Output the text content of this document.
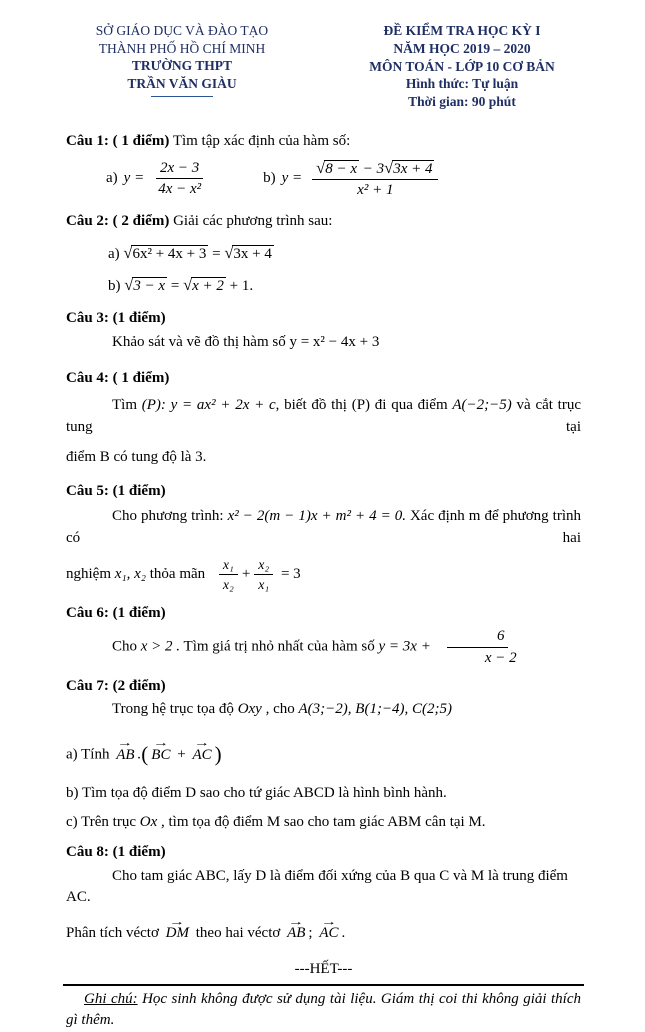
SỞ GIÁO DỤC VÀ ĐÀO TẠO
THÀNH PHỐ HỒ CHÍ MINH
TRƯỜNG THPT
TRẦN VĂN GIÀU
ĐỀ KIỂM TRA HỌC KỲ I
NĂM HỌC 2019 – 2020
MÔN TOÁN - LỚP 10 CƠ BẢN
Hình thức: Tự luận
Thời gian: 90 phút

Câu 1: ( 1 điểm) Tìm tập xác định của hàm số:

a) $y = \frac{2x - 3}{\text{4x − x²}}$	b) $y = \frac{√8 - x - 3√3x + 4}{\text{x² + 1}}$

Câu 2: ( 2 điểm) Giải các phương trình sau:

a) √6x² + 4x + 3 = √3x + 4

b) √3 − x = √x + 2 + 1.

Câu 3: (1 điểm)

Khảo sát và vẽ đồ thị hàm số y = x² − 4x + 3

Câu 4: ( 1 điểm)

Tìm (P): y = ax² + 2x + c, biết đồ thị (P) đi qua điểm A(−2;−5) và cắt trục tung tại

điểm B có tung độ là 3.

Câu 5: (1 điểm)

Cho phương trình: x² − 2(m − 1)x + m² + 4 = 0. Xác định m để phương trình có hai

nghiệm x₁, x₂ thỏa mãn $\frac{\text{x₁}}{\text{x₂}} + \frac{\text{x₂}}{\text{x₁}} = 3$

Câu 6: (1 điểm)

Cho x > 2 . Tìm giá trị nhỏ nhất của hàm số $y = 3x + \frac{6}{x - 2}$

Câu 7: (2 điểm)

Trong hệ trục tọa độ Oxy , cho A(3;−2), B(1;−4), C(2;5)

a) Tính
→
AB .( →
BC +
→
AC )

b) Tìm tọa độ điểm D sao cho tứ giác ABCD là hình bình hành.

c) Trên trục Ox , tìm tọa độ điểm M sao cho tam giác ABM cân tại M.

Câu 8: (1 điểm)

Cho tam giác ABC, lấy D là điểm đối xứng của B qua C và M là trung điểm AC.

Phân tích véctơ
→
DM theo hai véctơ
→
AB ;
→
AC .

---HẾT---

Ghi chú: Học sinh không được sử dụng tài liệu. Giám thị coi thi không giải thích gì thêm.
